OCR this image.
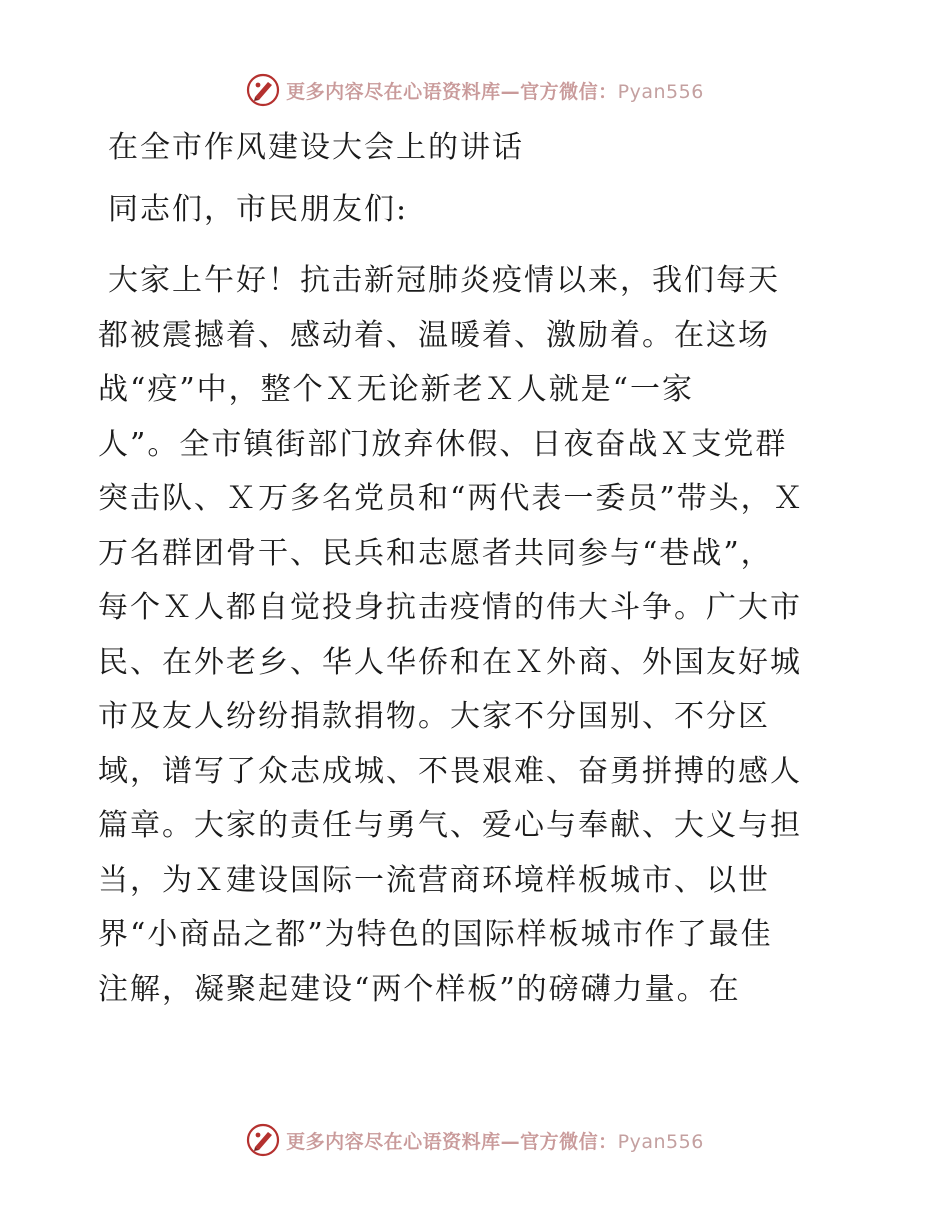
更多内容尽在心语资料库—官方微信：Pyan556
在全市作风建设大会上的讲话

同志们，市民朋友们:

大家上午好！抗击新冠肺炎疫情以来，我们每天
都被震撼着、感动着、温暖着、激励着。在这场
战“疫”中，整个Ｘ无论新老Ｘ人就是“一家
人”。全市镇街部门放弃休假、日夜奋战Ｘ支党群
突击队、Ｘ万多名党员和“两代表一委员”带头，Ｘ
万名群团骨干、民兵和志愿者共同参与“巷战”，
每个Ｘ人都自觉投身抗击疫情的伟大斗争。广大市
民、在外老乡、华人华侨和在Ｘ外商、外国友好城
市及友人纷纷捐款捐物。大家不分国别、不分区
域，谱写了众志成城、不畏艰难、奋勇拼搏的感人
篇章。大家的责任与勇气、爱心与奉献、大义与担
当，为Ｘ建设国际一流营商环境样板城市、以世
界“小商品之都”为特色的国际样板城市作了最佳
注解，凝聚起建设“两个样板”的磅礴力量。在
更多内容尽在心语资料库—官方微信：Pyan556
